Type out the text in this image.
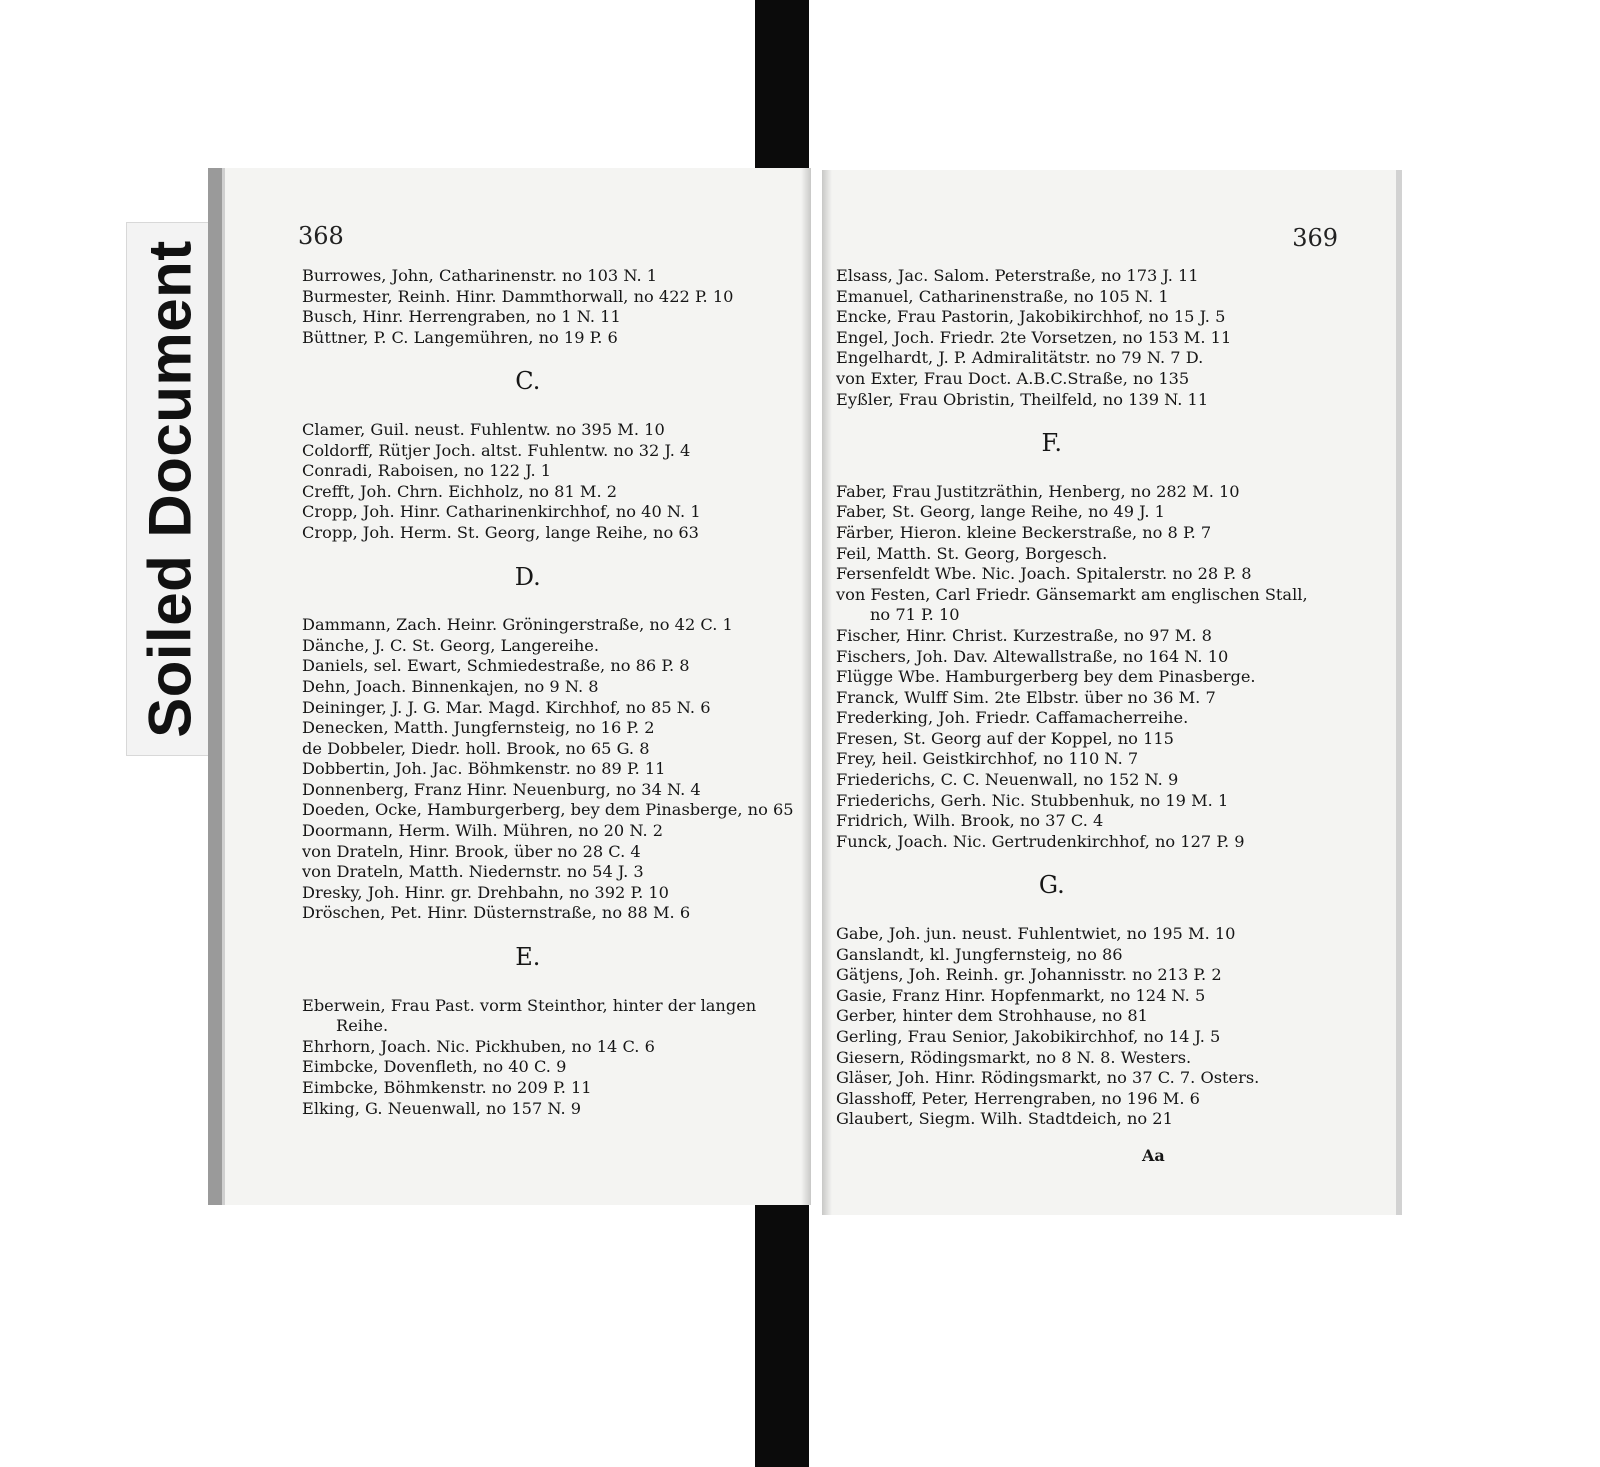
Soiled Document
368
Burrowes, John, Catharinenstr. no 103 N. 1
Burmester, Reinh. Hinr. Dammthorwall, no 422 P. 10
Busch, Hinr. Herrengraben, no 1 N. 11
Büttner, P. C. Langemühren, no 19 P. 6
C.
Clamer, Guil. neust. Fuhlentw. no 395 M. 10
Coldorff, Rütjer Joch. altst. Fuhlentw. no 32 J. 4
Conradi, Raboisen, no 122 J. 1
Crefft, Joh. Chrn. Eichholz, no 81 M. 2
Cropp, Joh. Hinr. Catharinenkirchhof, no 40 N. 1
Cropp, Joh. Herm. St. Georg, lange Reihe, no 63
D.
Dammann, Zach. Heinr. Gröningerstraße, no 42 C. 1
Dänche, J. C. St. Georg, Langereihe.
Daniels, sel. Ewart, Schmiedestraße, no 86 P. 8
Dehn, Joach. Binnenkajen, no 9 N. 8
Deininger, J. J. G. Mar. Magd. Kirchhof, no 85 N. 6
Denecken, Matth. Jungfernsteig, no 16 P. 2
de Dobbeler, Diedr. holl. Brook, no 65 G. 8
Dobbertin, Joh. Jac. Böhmkenstr. no 89 P. 11
Donnenberg, Franz Hinr. Neuenburg, no 34 N. 4
Doeden, Ocke, Hamburgerberg, bey dem Pinasberge, no 65
Doormann, Herm. Wilh. Mühren, no 20 N. 2
von Drateln, Hinr. Brook, über no 28 C. 4
von Drateln, Matth. Niedernstr. no 54 J. 3
Dresky, Joh. Hinr. gr. Drehbahn, no 392 P. 10
Dröschen, Pet. Hinr. Düsternstraße, no 88 M. 6
E.
Eberwein, Frau Past. vorm Steinthor, hinter der langen
Reihe.
Ehrhorn, Joach. Nic. Pickhuben, no 14 C. 6
Eimbcke, Dovenfleth, no 40 C. 9
Eimbcke, Böhmkenstr. no 209 P. 11
Elking, G. Neuenwall, no 157 N. 9
369
Elsass, Jac. Salom. Peterstraße, no 173 J. 11
Emanuel, Catharinenstraße, no 105 N. 1
Encke, Frau Pastorin, Jakobikirchhof, no 15 J. 5
Engel, Joch. Friedr. 2te Vorsetzen, no 153 M. 11
Engelhardt, J. P. Admiralitätstr. no 79 N. 7 D.
von Exter, Frau Doct. A.B.C.Straße, no 135
Eyßler, Frau Obristin, Theilfeld, no 139 N. 11
F.
Faber, Frau Justitzräthin, Henberg, no 282 M. 10
Faber, St. Georg, lange Reihe, no 49 J. 1
Färber, Hieron. kleine Beckerstraße, no 8 P. 7
Feil, Matth. St. Georg, Borgesch.
Fersenfeldt Wbe. Nic. Joach. Spitalerstr. no 28 P. 8
von Festen, Carl Friedr. Gänsemarkt am englischen Stall,
no 71 P. 10
Fischer, Hinr. Christ. Kurzestraße, no 97 M. 8
Fischers, Joh. Dav. Altewallstraße, no 164 N. 10
Flügge Wbe. Hamburgerberg bey dem Pinasberge.
Franck, Wulff Sim. 2te Elbstr. über no 36 M. 7
Frederking, Joh. Friedr. Caffamacherreihe.
Fresen, St. Georg auf der Koppel, no 115
Frey, heil. Geistkirchhof, no 110 N. 7
Friederichs, C. C. Neuenwall, no 152 N. 9
Friederichs, Gerh. Nic. Stubbenhuk, no 19 M. 1
Fridrich, Wilh. Brook, no 37 C. 4
Funck, Joach. Nic. Gertrudenkirchhof, no 127 P. 9
G.
Gabe, Joh. jun. neust. Fuhlentwiet, no 195 M. 10
Ganslandt, kl. Jungfernsteig, no 86
Gätjens, Joh. Reinh. gr. Johannisstr. no 213 P. 2
Gasie, Franz Hinr. Hopfenmarkt, no 124 N. 5
Gerber, hinter dem Strohhause, no 81
Gerling, Frau Senior, Jakobikirchhof, no 14 J. 5
Giesern, Rödingsmarkt, no 8 N. 8. Westers.
Gläser, Joh. Hinr. Rödingsmarkt, no 37 C. 7. Osters.
Glasshoff, Peter, Herrengraben, no 196 M. 6
Glaubert, Siegm. Wilh. Stadtdeich, no 21
Aa
